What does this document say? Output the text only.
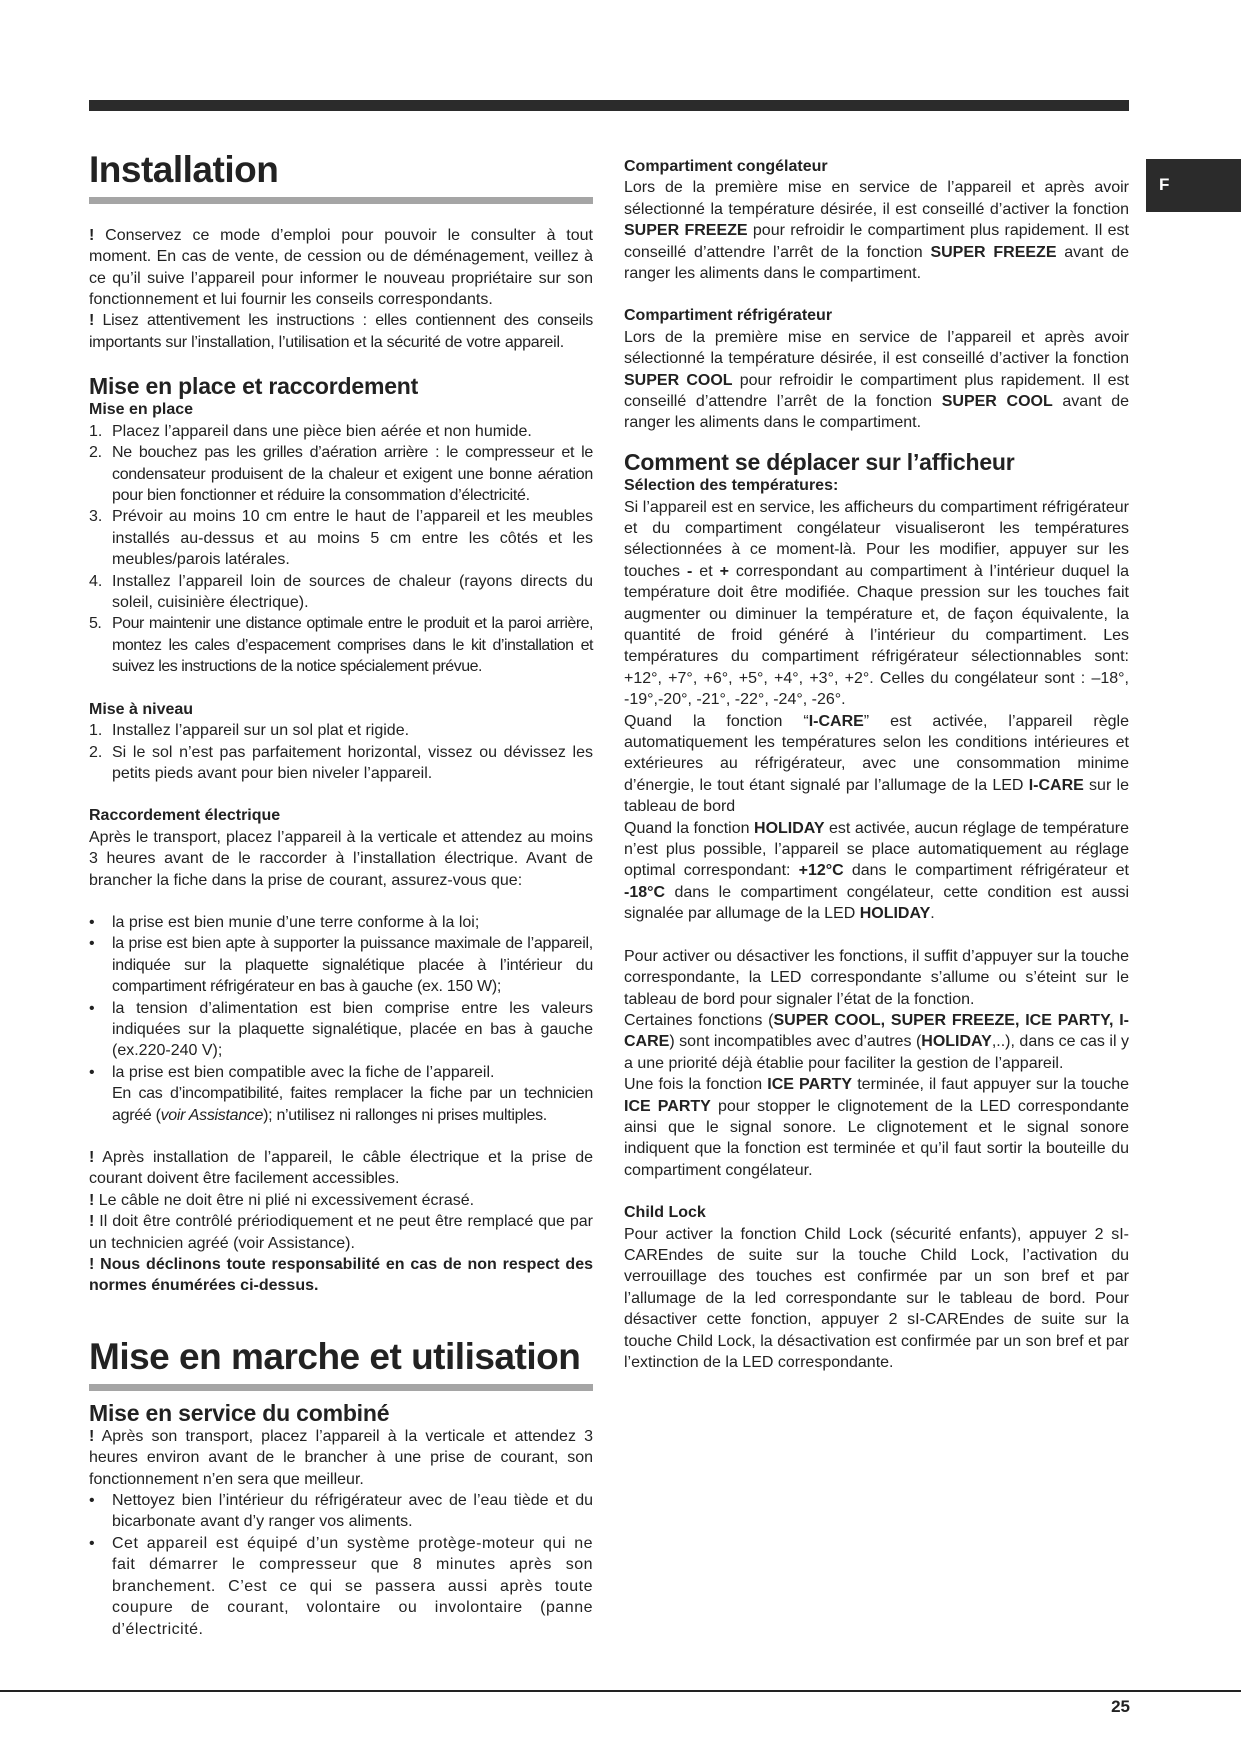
F
Installation

! Conservez ce mode d’emploi pour pouvoir le consulter à tout moment. En cas de vente, de cession ou de déménagement, veillez à ce qu’il suive l’appareil pour informer le nouveau propriétaire sur son fonctionnement et lui fournir les conseils correspondants.

! Lisez attentivement les instructions : elles contiennent des conseils importants sur l’installation, l’utilisation et la sécurité de votre appareil.

Mise en place et raccordement
Mise en place
1. Placez l’appareil dans une pièce bien aérée et non humide.
2. Ne bouchez pas les grilles d’aération arrière : le compresseur et le condensateur produisent de la chaleur et exigent une bonne aération pour bien fonctionner et réduire la consommation d’électricité.
3. Prévoir au moins 10 cm entre le haut de l’appareil et les meubles installés au-dessus et au moins 5 cm entre les côtés et les meubles/parois latérales.
4. Installez l’appareil loin de sources de chaleur (rayons directs du soleil, cuisinière électrique).
5. Pour maintenir une distance optimale entre le produit et la paroi arrière, montez les cales d’espacement comprises dans le kit d’installation et suivez les instructions de la notice spécialement prévue.
Mise à niveau
1. Installez l’appareil sur un sol plat et rigide.
2. Si le sol n’est pas parfaitement horizontal, vissez ou dévissez les petits pieds avant pour bien niveler l’appareil.
Raccordement électrique

Après le transport, placez l’appareil à la verticale et attendez au moins 3 heures avant de le raccorder à l’installation électrique. Avant de brancher la fiche dans la prise de courant, assurez-vous que:

• la prise est bien munie d’une terre conforme à la loi;
• la prise est bien apte à supporter la puissance maximale de l’appareil, indiquée sur la plaquette signalétique placée à l’intérieur du compartiment réfrigérateur en bas à gauche (ex. 150 W);
• la tension d’alimentation est bien comprise entre les valeurs indiquées sur la plaquette signalétique, placée en bas à gauche (ex.220-240 V);
• la prise est bien compatible avec la fiche de l’appareil.
En cas d’incompatibilité, faites remplacer la fiche par un technicien agréé (voir Assistance); n’utilisez ni rallonges ni prises multiples.

! Après installation de l’appareil, le câble électrique et la prise de courant doivent être facilement accessibles.

! Le câble ne doit être ni plié ni excessivement écrasé.

! Il doit être contrôlé prériodiquement et ne peut être remplacé que par un technicien agréé (voir Assistance).

! Nous déclinons toute responsabilité en cas de non respect des normes énumérées ci-dessus.

Mise en marche et utilisation
Mise en service du combiné

! Après son transport, placez l’appareil à la verticale et attendez 3 heures environ avant de le brancher à une prise de courant, son fonctionnement n’en sera que meilleur.

• Nettoyez bien l’intérieur du réfrigérateur avec de l’eau tiède et du bicarbonate avant d’y ranger vos aliments.
• Cet appareil est équipé d’un système protège-moteur qui ne fait démarrer le compresseur que 8 minutes après son branchement. C’est ce qui se passera aussi après toute coupure de courant, volontaire ou involontaire (panne d’électricité.
Compartiment congélateur

Lors de la première mise en service de l’appareil et après avoir sélectionné la température désirée, il est conseillé d’activer la fonction SUPER FREEZE pour refroidir le compartiment plus rapidement. Il est conseillé d’attendre l’arrêt de la fonction SUPER FREEZE avant de ranger les aliments dans le compartiment.

Compartiment réfrigérateur

Lors de la première mise en service de l’appareil et après avoir sélectionné la température désirée, il est conseillé d’activer la fonction SUPER COOL pour refroidir le compartiment plus rapidement. Il est conseillé d’attendre l’arrêt de la fonction SUPER COOL avant de ranger les aliments dans le compartiment.

Comment se déplacer sur l’afficheur
Sélection des températures:

Si l’appareil est en service, les afficheurs du compartiment réfrigérateur et du compartiment congélateur visualiseront les températures sélectionnées à ce moment-là. Pour les modifier, appuyer sur les touches - et + correspondant au compartiment à l’intérieur duquel la température doit être modifiée. Chaque pression sur les touches fait augmenter ou diminuer la température et, de façon équivalente, la quantité de froid généré à l’intérieur du compartiment. Les températures du compartiment réfrigérateur sélectionnables sont: +12°, +7°, +6°, +5°, +4°, +3°, +2°. Celles du congélateur sont : –18°, -19°,-20°, -21°, -22°, -24°, -26°.

Quand la fonction “I-CARE” est activée, l’appareil règle automatiquement les températures selon les conditions intérieures et extérieures au réfrigérateur, avec une consommation minime d’énergie, le tout étant signalé par l’allumage de la LED I-CARE sur le tableau de bord

Quand la fonction HOLIDAY est activée, aucun réglage de température n’est plus possible, l’appareil se place automatiquement au réglage optimal correspondant: +12°C dans le compartiment réfrigérateur et -18°C dans le compartiment congélateur, cette condition est aussi signalée par allumage de la LED HOLIDAY.

Pour activer ou désactiver les fonctions, il suffit d’appuyer sur la touche correspondante, la LED correspondante s’allume ou s’éteint sur le tableau de bord pour signaler l’état de la fonction.

Certaines fonctions (SUPER COOL, SUPER FREEZE, ICE PARTY, I-CARE) sont incompatibles avec d’autres (HOLIDAY,..), dans ce cas il y a une priorité déjà établie pour faciliter la gestion de l’appareil.

Une fois la fonction ICE PARTY terminée, il faut appuyer sur la touche ICE PARTY pour stopper le clignotement de la LED correspondante ainsi que le signal sonore. Le clignotement et le signal sonore indiquent que la fonction est terminée et qu’il faut sortir la bouteille du compartiment congélateur.

Child Lock

Pour activer la fonction Child Lock (sécurité enfants), appuyer 2 sI-CAREndes de suite sur la touche Child Lock, l’activation du verrouillage des touches est confirmée par un son bref et par l’allumage de la led correspondante sur le tableau de bord. Pour désactiver cette fonction, appuyer 2 sI-CAREndes de suite sur la touche Child Lock, la désactivation est confirmée par un son bref et par l’extinction de la LED correspondante.

25
